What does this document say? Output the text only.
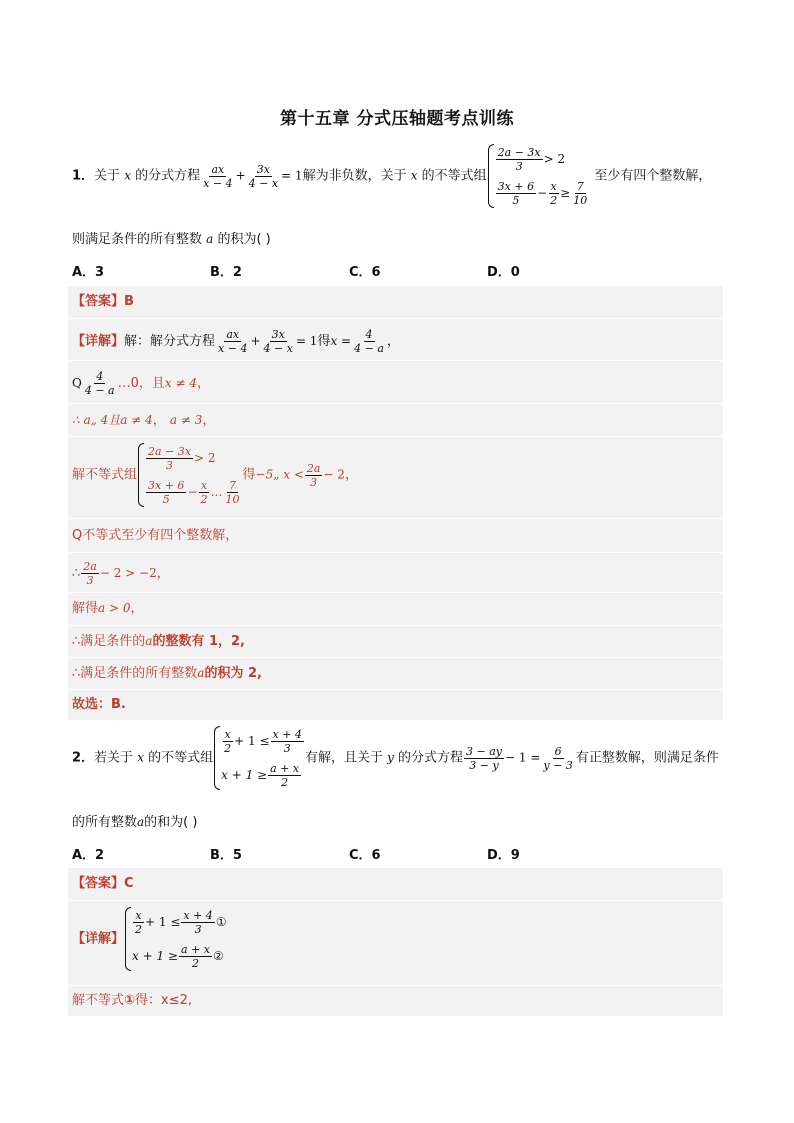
第十五章 分式压轴题考点训练
1．关于 x 的分式方程 $\frac{ax}{x - 4} + \frac{3x}{4 - x} = 1$解为非负数，关于 x 的不等式组
$\frac{2a - 3x}{3} > 2$
$\frac{3x + 6}{5} - \frac{x}{2} \ge \frac{7}{10}$
至少有四个整数解，
则满足条件的所有整数 a 的积为( )
A．3	B．2	C．6	D．0
【答案】B
【详解】解：解分式方程 $\frac{ax}{x - 4} + \frac{3x}{4 - x} = 1$得$x = \frac{4}{4 - a}$ ，
Q $\frac{4}{4 - a}$ …0，且x ≠ 4，
∴ a„ 4且a ≠ 4， a ≠ 3，
解不等式组
$\frac{2a - 3x}{3} > 2$
$\frac{3x + 6}{5} - \frac{x}{2}$ … $\frac{7}{10}$
得−5„ $x < \frac{2a}{3} - 2$，
Q不等式至少有四个整数解，
∴ $\frac{2a}{3} - 2 > -2$，
解得a > 0，
∴满足条件的a的整数有 1，2,
∴满足条件的所有整数a的积为 2,
故选：B.
2．若关于 x 的不等式组
$\frac{x}{2} + 1 \le \frac{x + 4}{3}$
$x + 1 \ge \frac{a + x}{2}$
有解，且关于 y 的分式方程 $\frac{3 - ay}{3 - y} - 1 = \frac{6}{y - 3}$ 有正整数解，则满足条件
的所有整数a的和为( )
A．2	B．5	C．6	D．9
【答案】C
【详解】
$\frac{x}{2} + 1 \le \frac{x + 4}{3}$ ①
$x + 1 \ge \frac{a + x}{2}$ ②
解不等式①得：x≤2,
